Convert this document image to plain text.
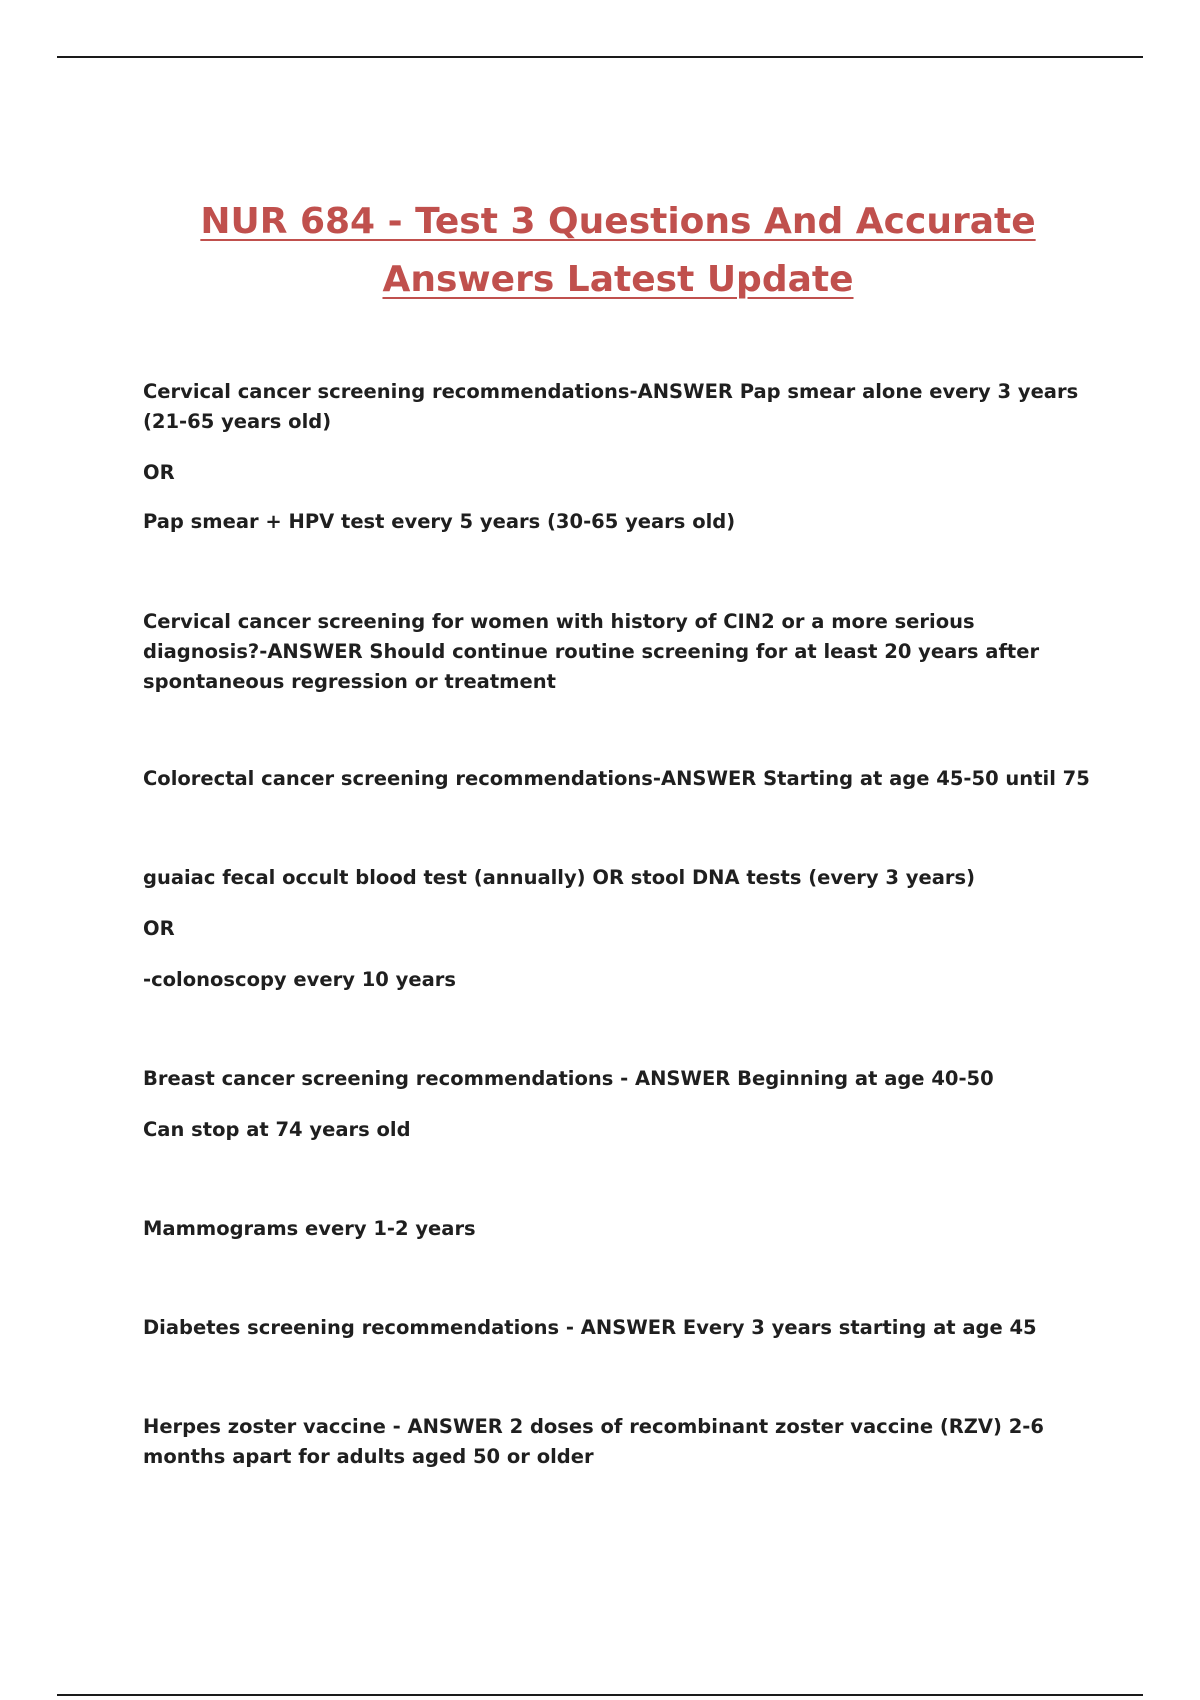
NUR 684 - Test 3 Questions And Accurate
Answers Latest Update

Cervical cancer screening recommendations-ANSWER Pap smear alone every 3 years
(21-65 years old)

OR

Pap smear + HPV test every 5 years (30-65 years old)

Cervical cancer screening for women with history of CIN2 or a more serious
diagnosis?-ANSWER Should continue routine screening for at least 20 years after
spontaneous regression or treatment

Colorectal cancer screening recommendations-ANSWER Starting at age 45-50 until 75

guaiac fecal occult blood test (annually) OR stool DNA tests (every 3 years)

OR

-colonoscopy every 10 years

Breast cancer screening recommendations - ANSWER Beginning at age 40-50

Can stop at 74 years old

Mammograms every 1-2 years

Diabetes screening recommendations - ANSWER Every 3 years starting at age 45

Herpes zoster vaccine - ANSWER 2 doses of recombinant zoster vaccine (RZV) 2-6
months apart for adults aged 50 or older
